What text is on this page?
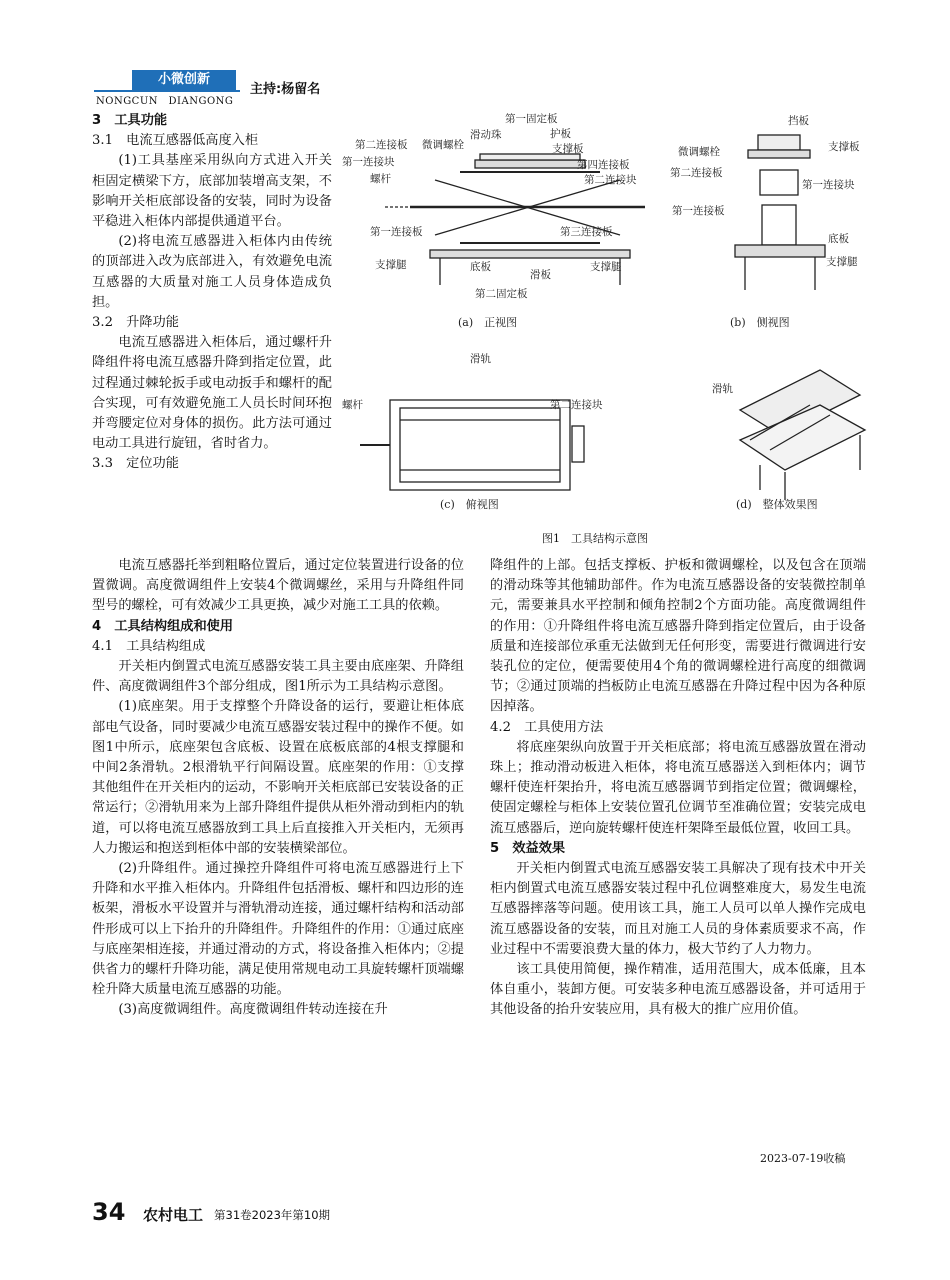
小微创新
NONGCUN　DIANGONG
主持:杨留名

3　工具功能

3.1　电流互感器低高度入柜

(1)工具基座采用纵向方式进入开关柜固定横梁下方，底部加装增高支架，不影响开关柜底部设备的安装，同时为设备平稳进入柜体内部提供通道平台。

(2)将电流互感器进入柜体内由传统的顶部进入改为底部进入，有效避免电流互感器的大质量对施工人员身体造成负担。

3.2　升降功能

电流互感器进入柜体后，通过螺杆升降组件将电流互感器升降到指定位置，此过程通过棘轮扳手或电动扳手和螺杆的配合实现，可有效避免施工人员长时间环抱并弯腰定位对身体的损伤。此方法可通过电动工具进行旋钮，省时省力。

3.3　定位功能

电流互感器托举到粗略位置后，通过定位装置进行设备的位置微调。高度微调组件上安装4个微调螺丝，采用与升降组件同型号的螺栓，可有效减少工具更换，减少对施工工具的依赖。

4　工具结构组成和使用

4.1　工具结构组成

开关柜内倒置式电流互感器安装工具主要由底座架、升降组件、高度微调组件3个部分组成，图1所示为工具结构示意图。

(1)底座架。用于支撑整个升降设备的运行，要避让柜体底部电气设备，同时要减少电流互感器安装过程中的操作不便。如图1中所示，底座架包含底板、设置在底板底部的4根支撑腿和中间2条滑轨。2根滑轨平行间隔设置。底座架的作用：①支撑其他组件在开关柜内的运动，不影响开关柜底部已安装设备的正常运行；②滑轨用来为上部升降组件提供从柜外滑动到柜内的轨道，可以将电流互感器放到工具上后直接推入开关柜内，无须再人力搬运和抱送到柜体中部的安装横梁部位。

(2)升降组件。通过操控升降组件可将电流互感器进行上下升降和水平推入柜体内。升降组件包括滑板、螺杆和四边形的连板架，滑板水平设置并与滑轨滑动连接，通过螺杆结构和活动部件形成可以上下抬升的升降组件。升降组件的作用：①通过底座与底座架相连接，并通过滑动的方式，将设备推入柜体内；②提供省力的螺杆升降功能，满足使用常规电动工具旋转螺杆顶端螺栓升降大质量电流互感器的功能。

(3)高度微调组件。高度微调组件转动连接在升

降组件的上部。包括支撑板、护板和微调螺栓，以及包含在顶端的滑动珠等其他辅助部件。作为电流互感器设备的安装微控制单元，需要兼具水平控制和倾角控制2个方面功能。高度微调组件的作用：①升降组件将电流互感器升降到指定位置后，由于设备质量和连接部位承重无法做到无任何形变，需要进行微调进行安装孔位的定位，便需要使用4个角的微调螺栓进行高度的细微调节；②通过顶端的挡板防止电流互感器在升降过程中因为各种原因掉落。

4.2　工具使用方法

将底座架纵向放置于开关柜底部；将电流互感器放置在滑动珠上；推动滑动板进入柜体，将电流互感器送入到柜体内；调节螺杆使连杆架抬升，将电流互感器调节到指定位置；微调螺栓，使固定螺栓与柜体上安装位置孔位调节至准确位置；安装完成电流互感器后，逆向旋转螺杆使连杆架降至最低位置，收回工具。

5　效益效果

开关柜内倒置式电流互感器安装工具解决了现有技术中开关柜内倒置式电流互感器安装过程中孔位调整难度大，易发生电流互感器摔落等问题。使用该工具，施工人员可以单人操作完成电流互感器设备的安装，而且对施工人员的身体素质要求不高，作业过程中不需要浪费大量的体力，极大节约了人力物力。

该工具使用简便，操作精准，适用范围大，成本低廉，且本体自重小，装卸方便。可安装多种电流互感器设备，并可适用于其他设备的抬升安装应用，具有极大的推广应用价值。

2023-07-19收稿
第一固定板
第二连接板 微调螺栓
滑动珠	护板
支撑板
第一连接块	第四连接板
第二连接块
螺杆
第一连接板	第三连接板
支撑腿	底板
滑板
支撑腿
第二固定板
(a)　正视图
挡板
微调螺栓	支撑板
第二连接板
第一连接块
第一连接板
底板
支撑腿
(b)　侧视图
滑轨
螺杆	第二连接块
(c)　俯视图
滑轨
(d)　整体效果图
图1　工具结构示意图
34 农村电工 第31卷2023年第10期
